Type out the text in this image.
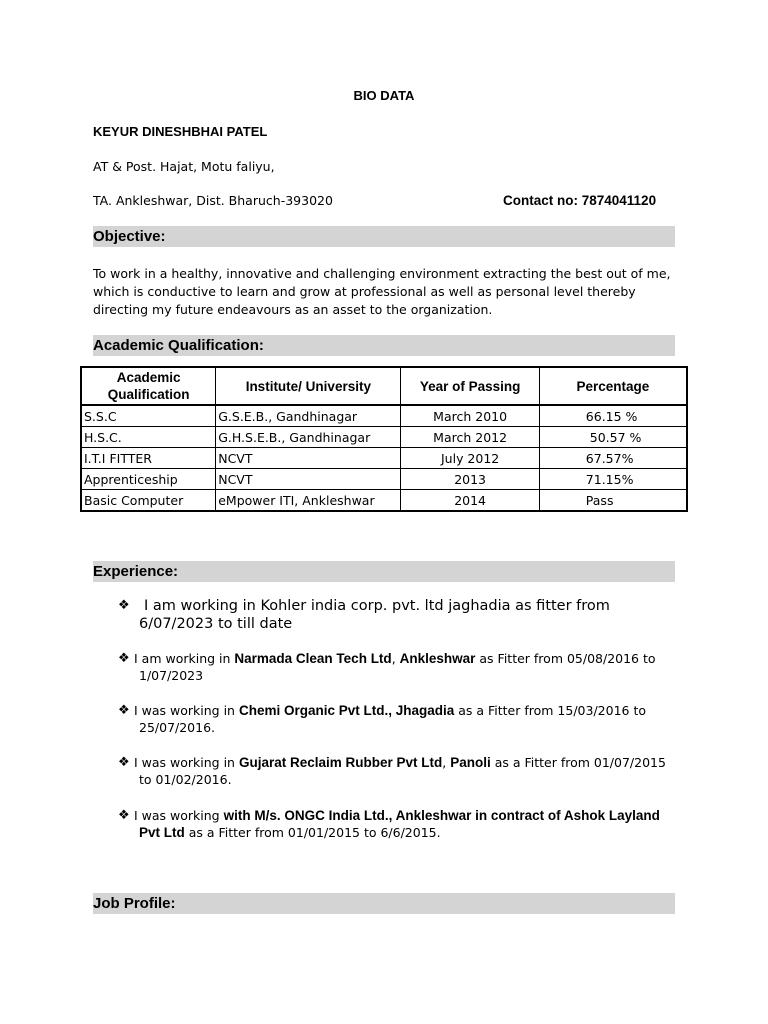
BIO DATA
KEYUR DINESHBHAI PATEL
AT & Post. Hajat, Motu faliyu,
TA. Ankleshwar, Dist. Bharuch-393020	Contact no: 7874041120
Objective:
To work in a healthy, innovative and challenging environment extracting the best out of me, which is conductive to learn and grow at professional as well as personal level thereby directing my future endeavours as an asset to the organization.
Academic Qualification:
Academic Qualification	Institute/ University	Year of Passing	Percentage
S.S.C	G.S.E.B., Gandhinagar	March 2010	66.15 %
H.S.C.	G.H.S.E.B., Gandhinagar	March 2012	50.57 %
I.T.I FITTER	NCVT	July 2012	67.57%
Apprenticeship	NCVT	2013	71.15%
Basic Computer	eMpower ITI, Ankleshwar	2014	Pass
Experience:
❖ I am working in Kohler india corp. pvt. ltd jaghadia as fitter from
6/07/2023 to till date
❖ I am working in Narmada Clean Tech Ltd, Ankleshwar as Fitter from 05/08/2016 to
1/07/2023
❖ I was working in Chemi Organic Pvt Ltd., Jhagadia as a Fitter from 15/03/2016 to
25/07/2016.
❖ I was working in Gujarat Reclaim Rubber Pvt Ltd, Panoli as a Fitter from 01/07/2015
to 01/02/2016.
❖ I was working with M/s. ONGC India Ltd., Ankleshwar in contract of Ashok Layland
Pvt Ltd as a Fitter from 01/01/2015 to 6/6/2015.
Job Profile:
